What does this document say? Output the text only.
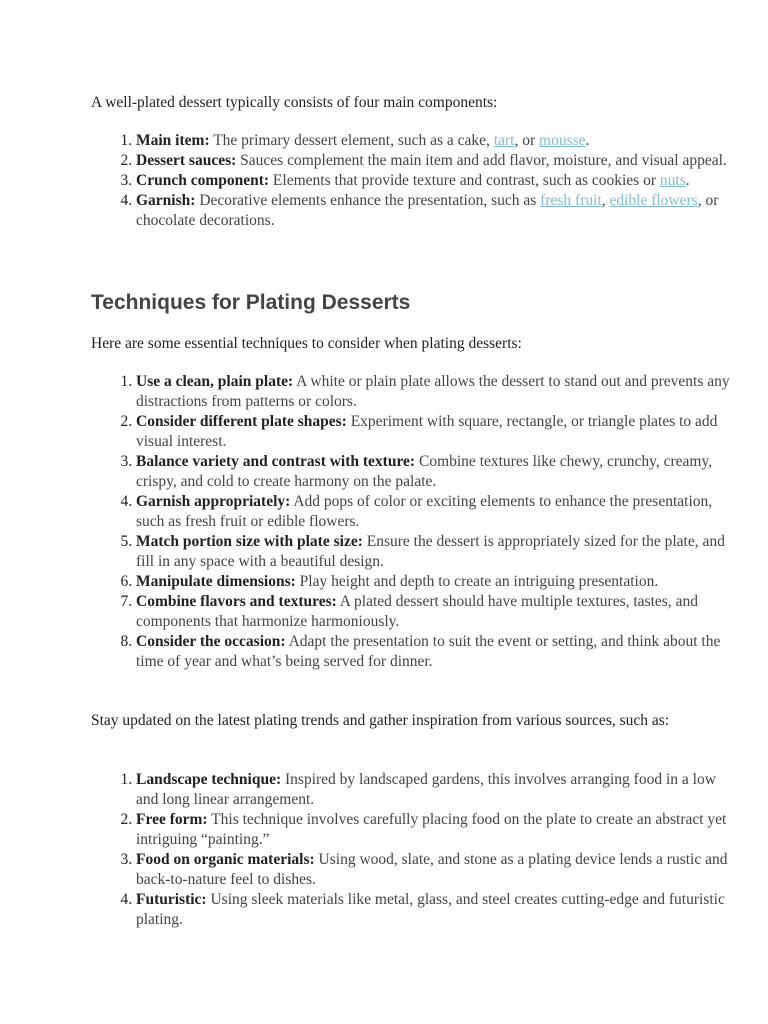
A well-plated dessert typically consists of four main components:

1. Main item: The primary dessert element, such as a cake, tart, or mousse.
2. Dessert sauces: Sauces complement the main item and add flavor, moisture, and visual appeal.
3. Crunch component: Elements that provide texture and contrast, such as cookies or nuts.
4. Garnish: Decorative elements enhance the presentation, such as fresh fruit, edible flowers, or chocolate decorations.
Techniques for Plating Desserts

Here are some essential techniques to consider when plating desserts:

1. Use a clean, plain plate: A white or plain plate allows the dessert to stand out and prevents any distractions from patterns or colors.
2. Consider different plate shapes: Experiment with square, rectangle, or triangle plates to add visual interest.
3. Balance variety and contrast with texture: Combine textures like chewy, crunchy, creamy, crispy, and cold to create harmony on the palate.
4. Garnish appropriately: Add pops of color or exciting elements to enhance the presentation, such as fresh fruit or edible flowers.
5. Match portion size with plate size: Ensure the dessert is appropriately sized for the plate, and fill in any space with a beautiful design.
6. Manipulate dimensions: Play height and depth to create an intriguing presentation.
7. Combine flavors and textures: A plated dessert should have multiple textures, tastes, and components that harmonize harmoniously.
8. Consider the occasion: Adapt the presentation to suit the event or setting, and think about the time of year and what’s being served for dinner.

Stay updated on the latest plating trends and gather inspiration from various sources, such as:

1. Landscape technique: Inspired by landscaped gardens, this involves arranging food in a low and long linear arrangement.
2. Free form: This technique involves carefully placing food on the plate to create an abstract yet intriguing “painting.”
3. Food on organic materials: Using wood, slate, and stone as a plating device lends a rustic and back-to-nature feel to dishes.
4. Futuristic: Using sleek materials like metal, glass, and steel creates cutting-edge and futuristic plating.
